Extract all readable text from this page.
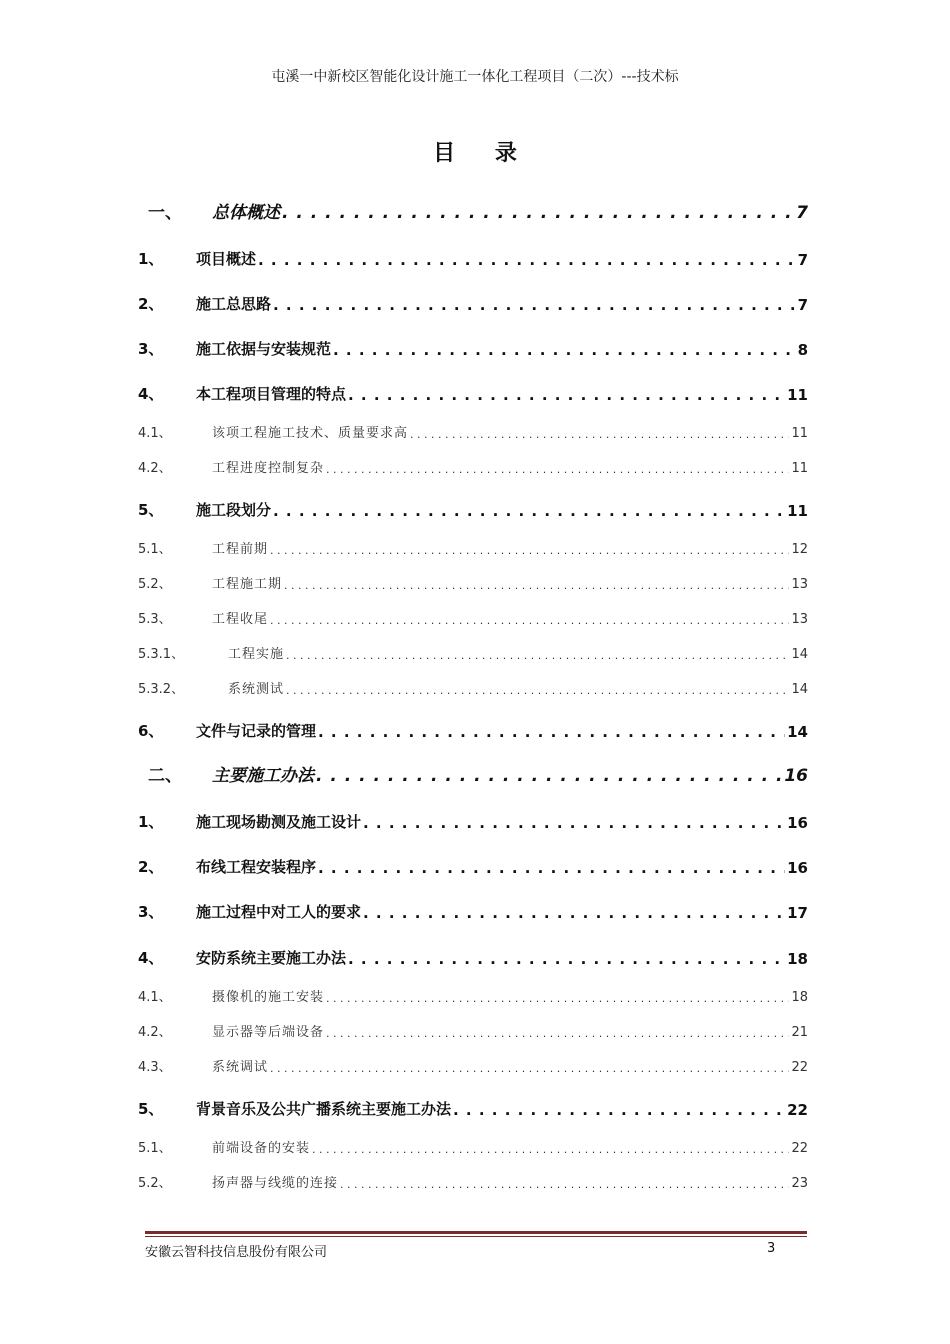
屯溪一中新校区智能化设计施工一体化工程项目（二次）---技术标
目 录
一、	总体概述 . . .	7
1、	项目概述 . . .	7
2、	施工总思路 . . .	7
3、	施工依据与安装规范 . . .	8
4、	本工程项目管理的特点 . . .	11
4.1、	该项工程施工技术、质量要求高 . . .	11
4.2、	工程进度控制复杂 . . .	11
5、	施工段划分 . . .	11
5.1、	工程前期 . . .	12
5.2、	工程施工期 . . .	13
5.3、	工程收尾 . . .	13
5.3.1、	工程实施 . . .	14
5.3.2、	系统测试 . . .	14
6、	文件与记录的管理 . . .	14
二、	主要施工办法 . . .	16
1、	施工现场勘测及施工设计 . . .	16
2、	布线工程安装程序 . . .	16
3、	施工过程中对工人的要求 . . .	17
4、	安防系统主要施工办法 . . .	18
4.1、	摄像机的施工安装 . . .	18
4.2、	显示器等后端设备 . . .	21
4.3、	系统调试 . . .	22
5、	背景音乐及公共广播系统主要施工办法 . . .	22
5.1、	前端设备的安装 . . .	22
5.2、	扬声器与线缆的连接 . . .	23
安徽云智科技信息股份有限公司	3
